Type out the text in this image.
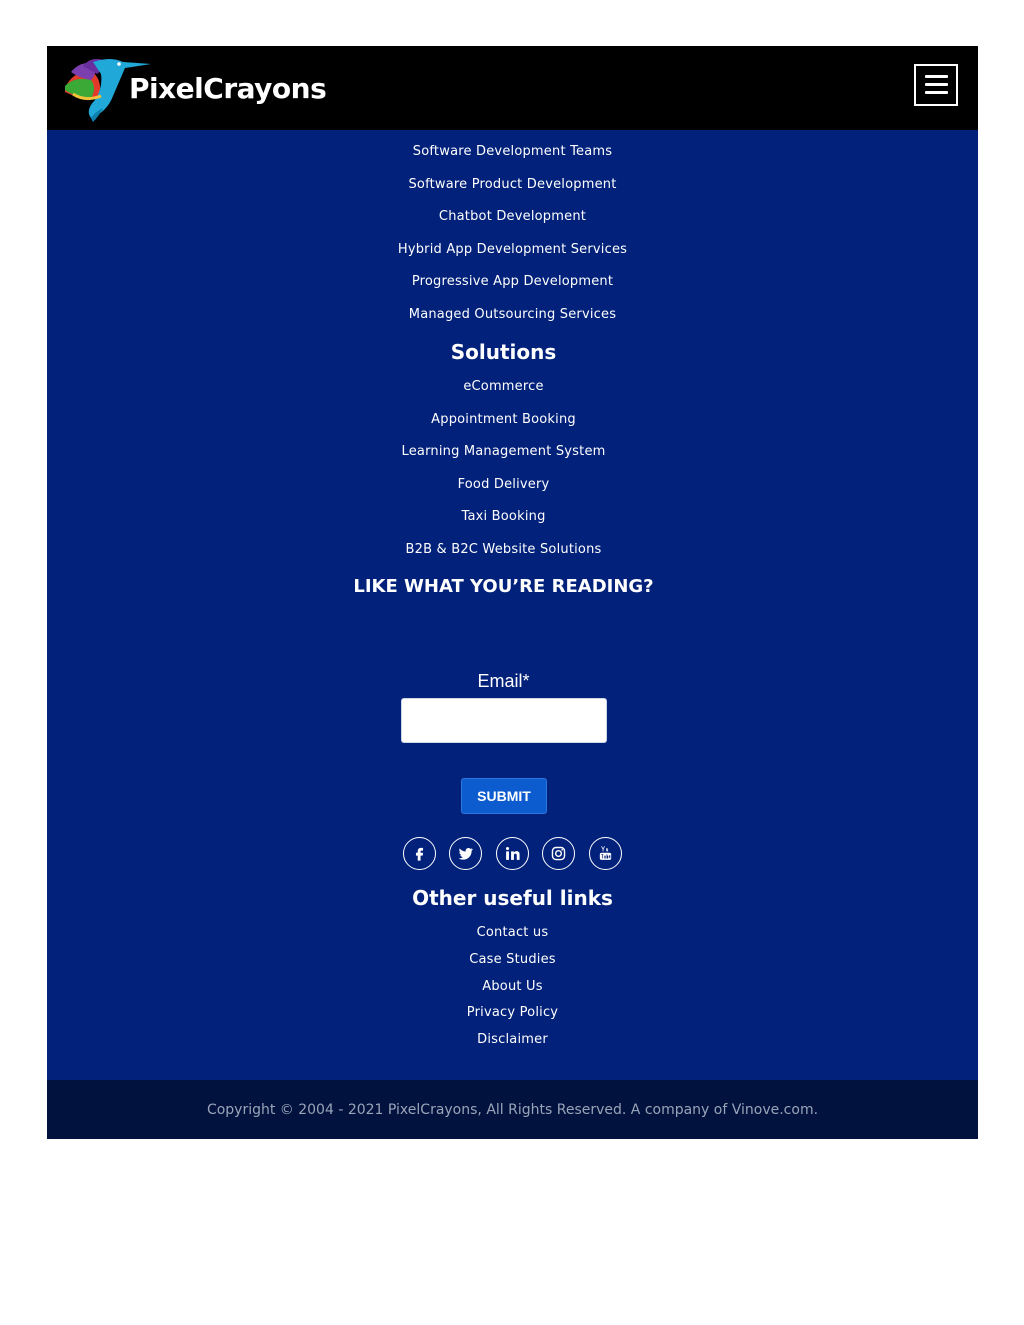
PixelCrayons
Software Development Teams
Software Product Development
Chatbot Development
Hybrid App Development Services
Progressive App Development
Managed Outsourcing Services
Solutions
eCommerce
Appointment Booking
Learning Management System
Food Delivery
Taxi Booking
B2B & B2C Website Solutions
LIKE WHAT YOU’RE READING?
Email*
SUBMIT
Other useful links
Contact us
Case Studies
About Us
Privacy Policy
Disclaimer
Copyright © 2004 - 2021 PixelCrayons, All Rights Reserved. A company of Vinove.com.
